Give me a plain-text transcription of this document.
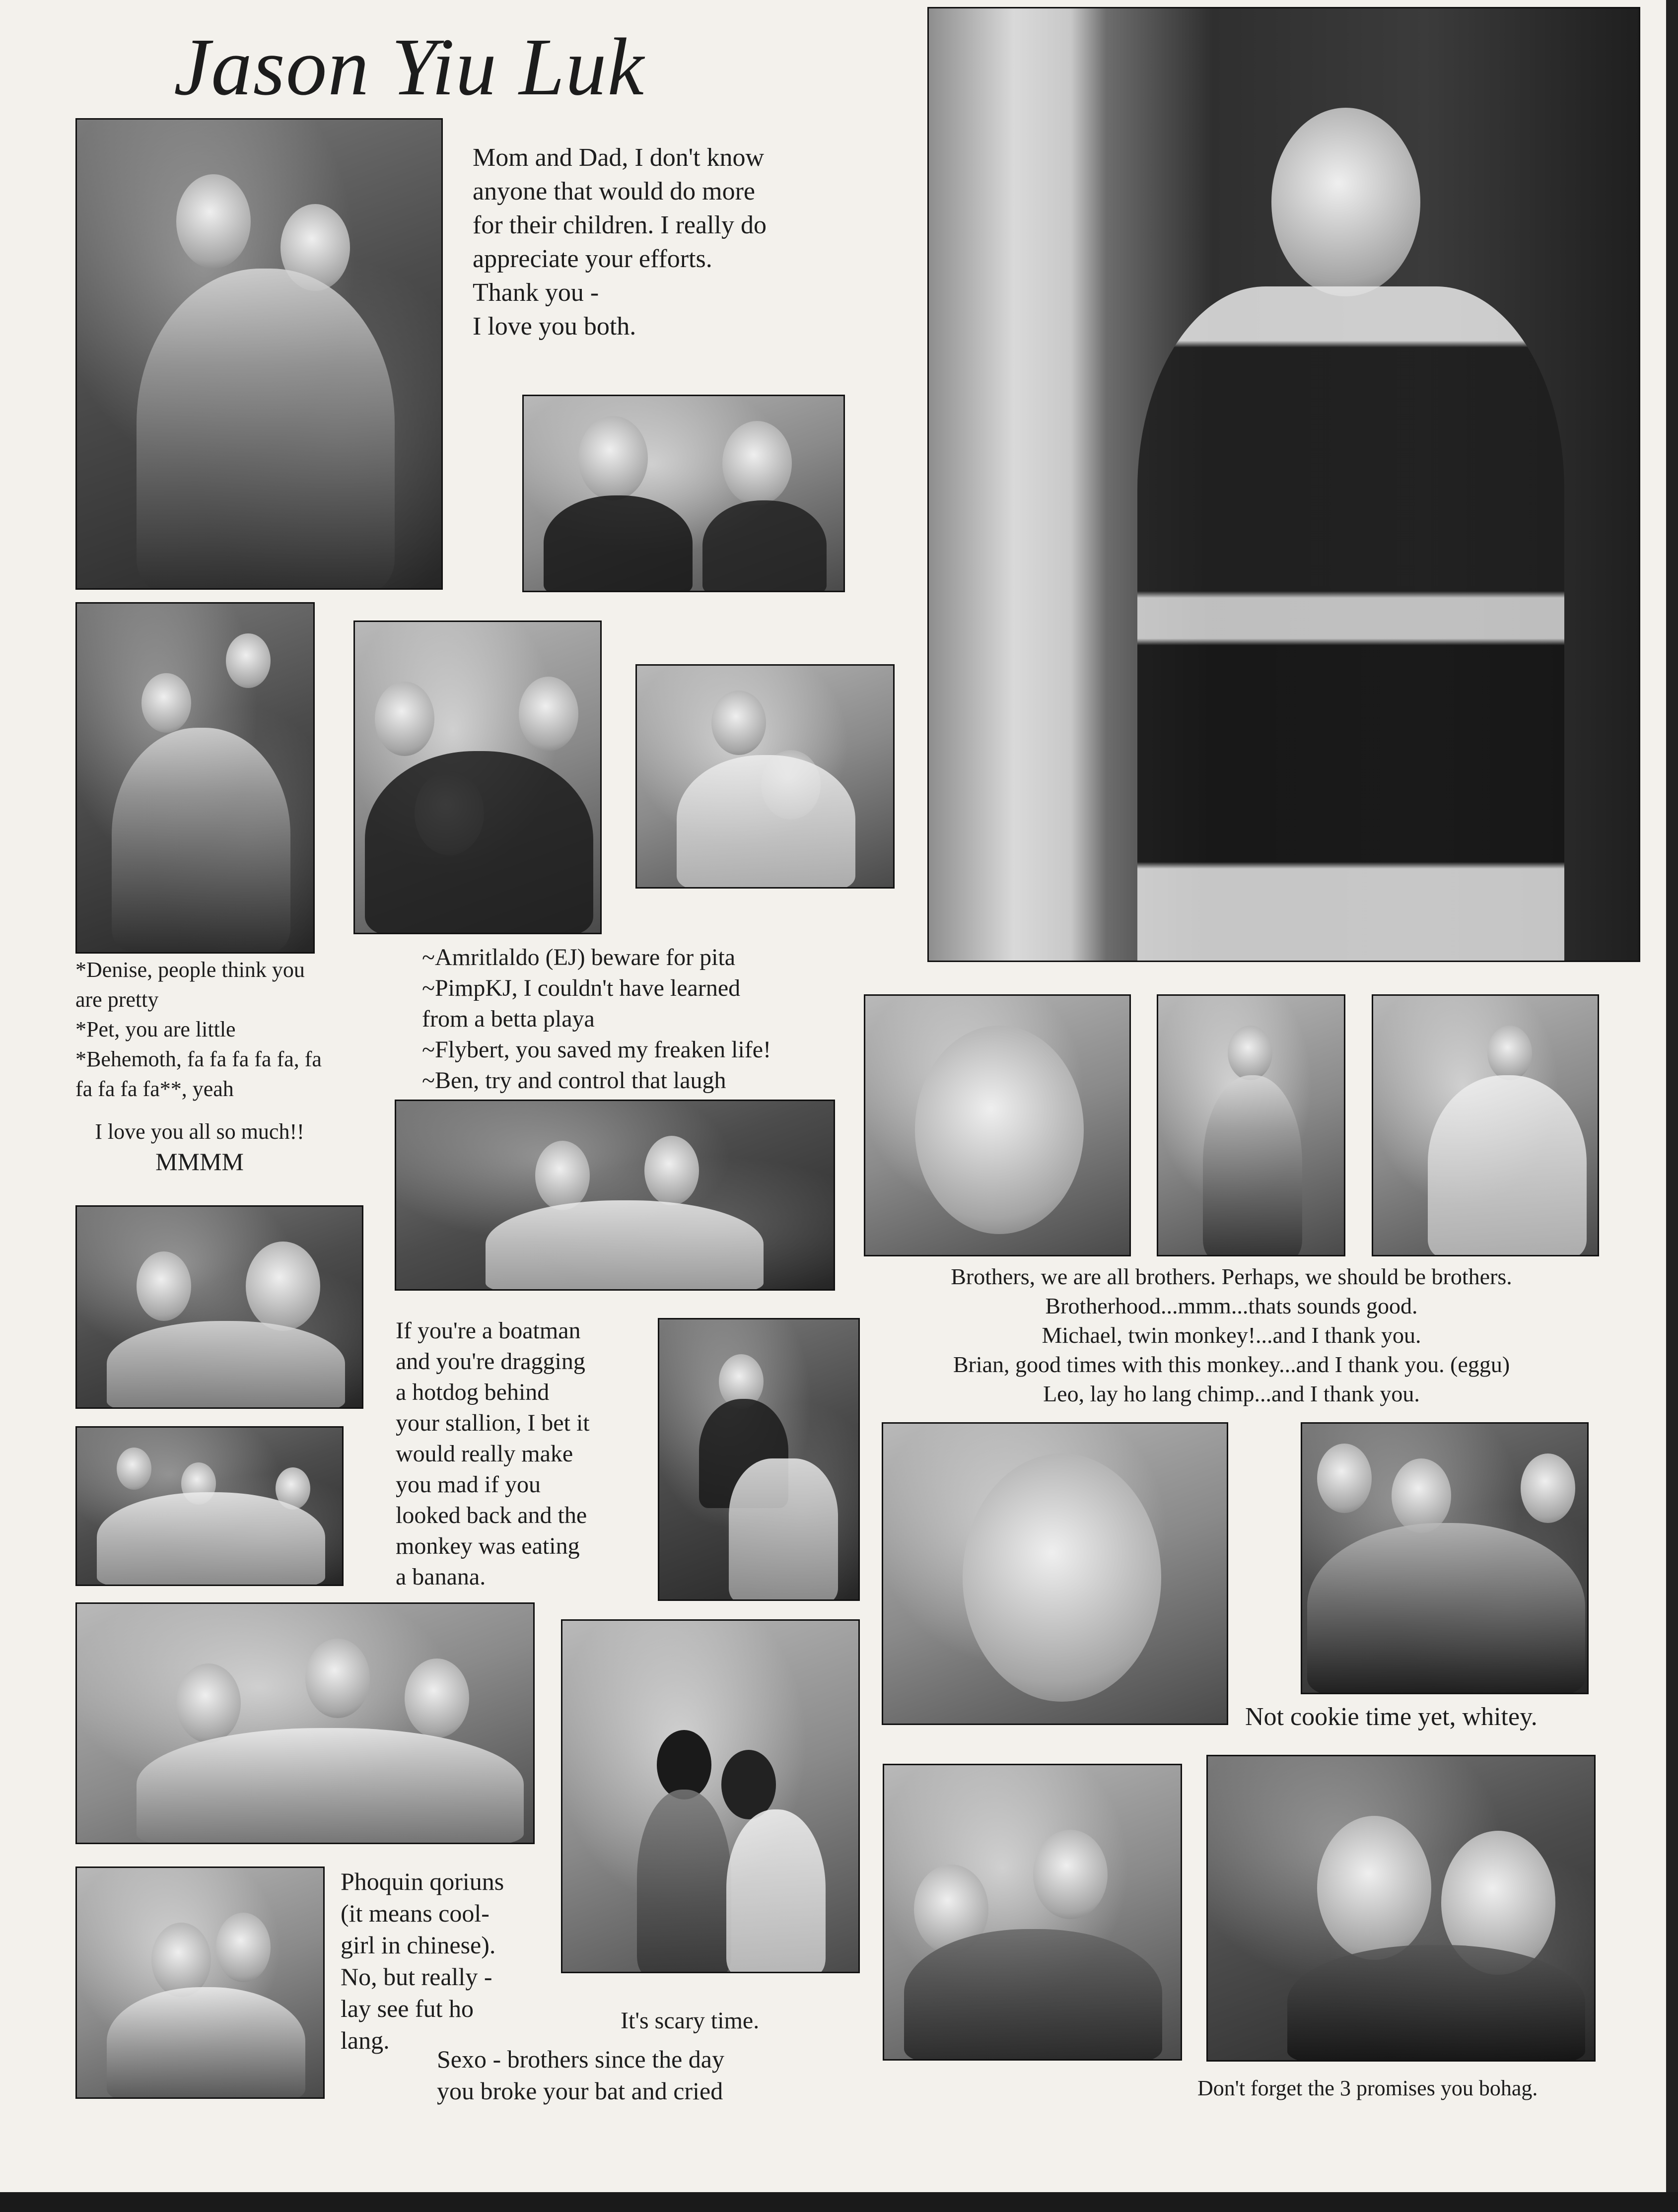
Jason Yiu Luk

Mom and Dad, I don't know

anyone that would do more

for their children. I really do

appreciate your efforts.

Thank you -

I love you both.

*Denise, people think you

are pretty

*Pet, you are little

*Behemoth, fa fa fa fa fa, fa

fa fa fa fa**, yeah

I love you all so much!!

MMMM

~Amritlaldo (EJ) beware for pita

~PimpKJ, I couldn't have learned

from a betta playa

~Flybert, you saved my freaken life!

~Ben, try and control that laugh

Brothers, we are all brothers. Perhaps, we should be brothers.

Brotherhood...mmm...thats sounds good.

Michael, twin monkey!...and I thank you.

Brian, good times with this monkey...and I thank you. (eggu)

Leo, lay ho lang chimp...and I thank you.

If you're a boatman

and you're dragging

a hotdog behind

your stallion, I bet it

would really make

you mad if you

looked back and the

monkey was eating

a banana.

Not cookie time yet, whitey.

Phoquin qoriuns

(it means cool-

girl in chinese).

No, but really -

lay see fut ho

lang.

It's scary time.

Sexo - brothers since the day

you broke your bat and cried	Don't forget the 3 promises you bohag.
